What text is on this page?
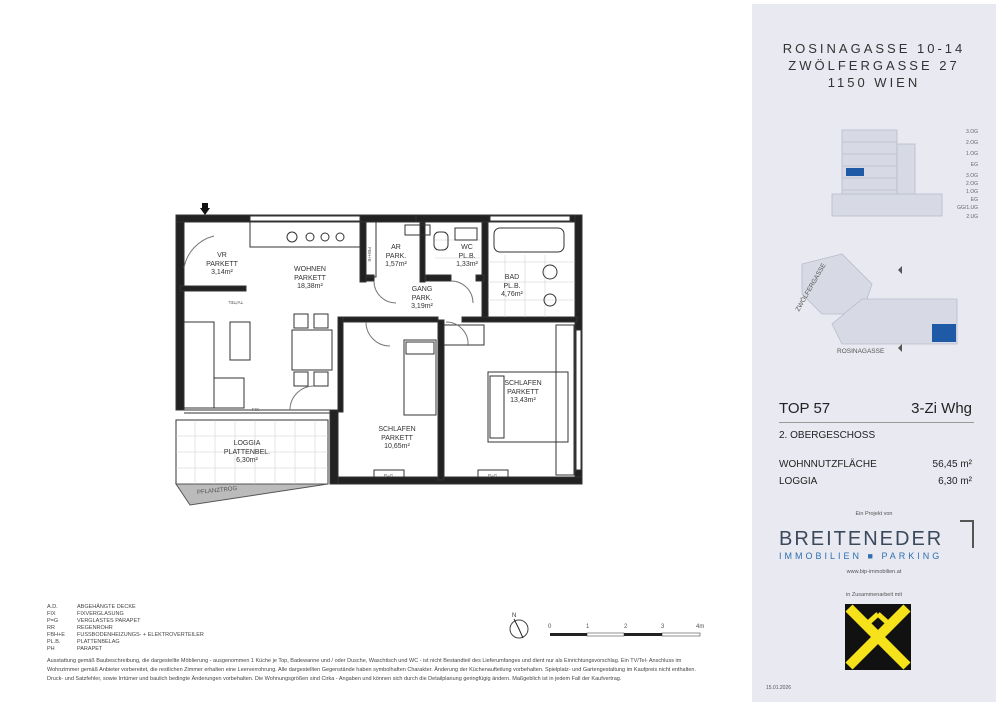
N
VR
PARKETT
3,14m²	WOHNEN
PARKETT
18,38m²
AR
PARK.
1,57m²
WC
PL.B.
1,33m²
BAD
PL.B.
4,76m²
GANG
PARK.
3,19m²
SCHLAFEN
PARKETT
13,43m²
SCHLAFEN
PARKETT
10,65m²
LOGGIA
PLATTENBEL.
6,30m²
PFLANZTROG
TV/TEL
FBH+E
FIX
P=G	P=G
0	1	2	3	4m
A.D.	ABGEHÄNGTE DECKE
FIX	FIXVERGLASUNG
P=G	VERGLASTES PARAPET
RR	REGENROHR
FBH+E FUSSBODENHEIZUNGS- + ELEKTROVERTEILER
PL.B.	PLATTENBELAG
PH	PARAPET
Ausstattung gemäß Baubeschreibung, die dargestellte Möblierung - ausgenommen 1 Küche je Top, Badewanne und / oder Dusche, Waschtisch und WC - ist nicht Bestandteil des Lieferumfanges und dient nur als Einrichtungsvorschlag. Ein TV/Tel- Anschluss im Wohnzimmer gemäß Anbieter vorbereitet, die restlichen Zimmer erhalten eine Leerverrohrung. Alle dargestellten Gegenstände haben symbolhaften Charakter. Änderung der Küchenaufteilung vorbehalten. Spielplatz- und Gartengestaltung im Kaufpreis nicht enthalten. Druck- und Satzfehler, sowie Irrtümer und baulich bedingte Änderungen vorbehalten. Die Wohnungsgrößen sind Cirka - Angaben und können sich durch die Detailplanung geringfügig ändern. Maßgeblich ist in jedem Fall der Kaufvertrag.
ROSINAGASSE 10-14
ZWÖLFERGASSE 27
1150 WIEN
3.OG
2.OG
1.OG
EG
3.OG
2.OG
1.OG
EG
GG/1.UG
2.UG
ZWÖLFERGASSE
ROSINAGASSE
TOP 57	3-Zi Whg
2. OBERGESCHOSS
WOHNNUTZFLÄCHE	56,45 m²
LOGGIA	6,30 m²
Ein Projekt von
BREITENEDER
IMMOBILIEN ■ PARKING
www.bip-immobilien.at
in Zusammenarbeit mit
15.01.2026
